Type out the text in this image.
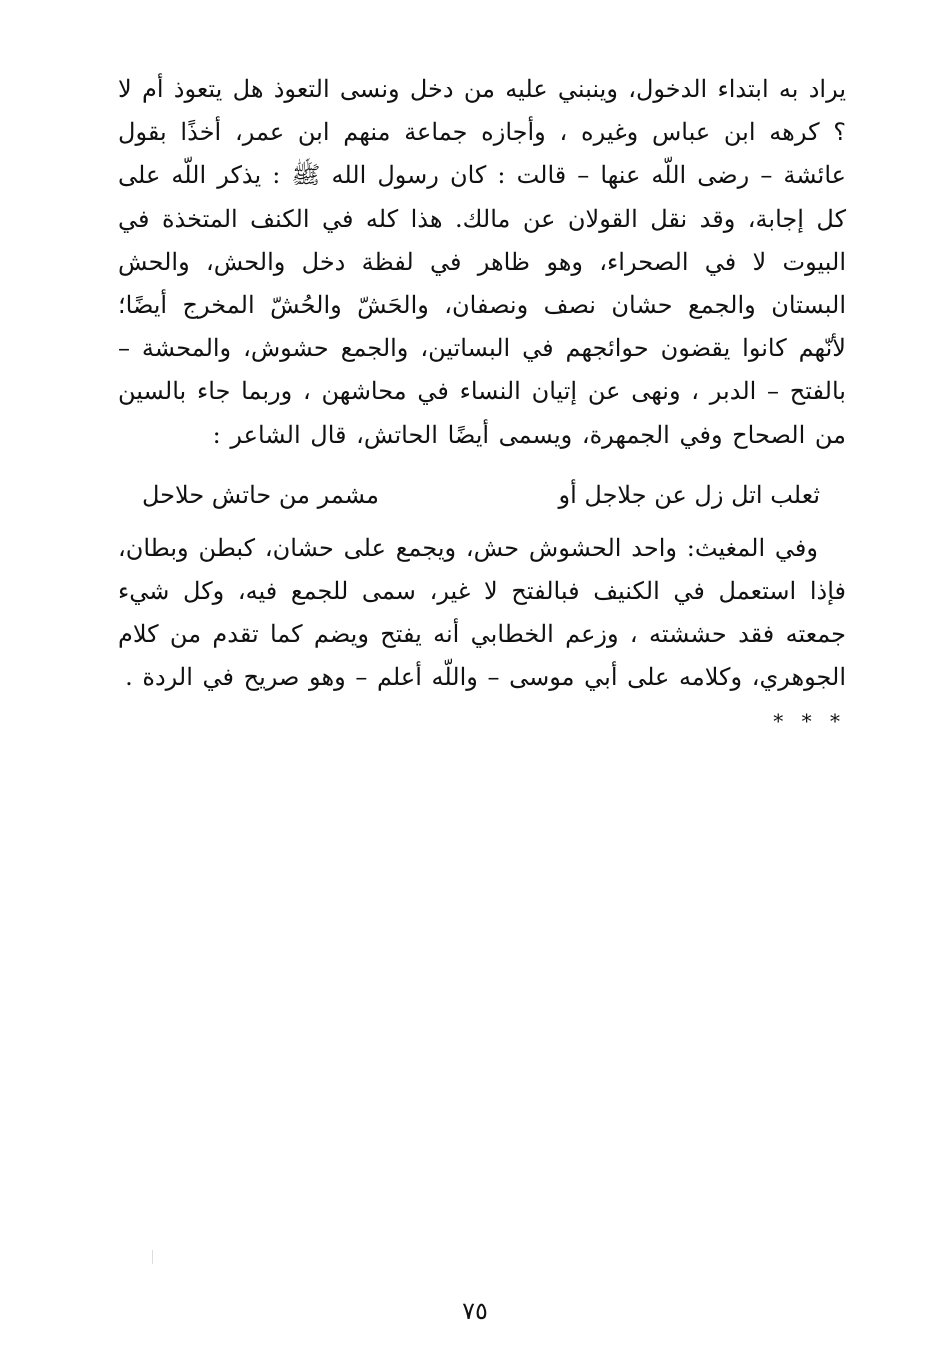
يراد به ابتداء الدخول، وينبني عليه من دخل ونسى التعوذ هل يتعوذ أم لا ؟ كرهه ابن عباس وغيره ، وأجازه جماعة منهم ابن عمر، أخذًا بقول عائشة – رضى اللّه عنها – قالت : كان رسول الله ﷺ : يذكر اللّه على كل إجابة، وقد نقل القولان عن مالك. هذا كله في الكنف المتخذة في البيوت لا في الصحراء، وهو ظاهر في لفظة دخل والحش، والحش البستان والجمع حشان نصف ونصفان، والحَشّ والحُشّ المخرج أيضًا؛ لأنّهم كانوا يقضون حوائجهم في البساتين، والجمع حشوش، والمحشة – بالفتح – الدبر ، ونهى عن إتيان النساء في محاشهن ، وربما جاء بالسين من الصحاح وفي الجمهرة، ويسمى أيضًا الحاتش، قال الشاعر :

ثعلب اتل زل عن جلاجل أو
مشمر من حاتش حلاحل

وفي المغيث: واحد الحشوش حش، ويجمع على حشان، كبطن وبطان، فإذا استعمل في الكنيف فبالفتح لا غير، سمى للجمع فيه، وكل شيء جمعته فقد حششته ، وزعم الخطابي أنه يفتح ويضم كما تقدم من كلام الجوهري، وكلامه على أبي موسى – واللّه أعلم – وهو صريح في الردة .

* * *
٧٥
